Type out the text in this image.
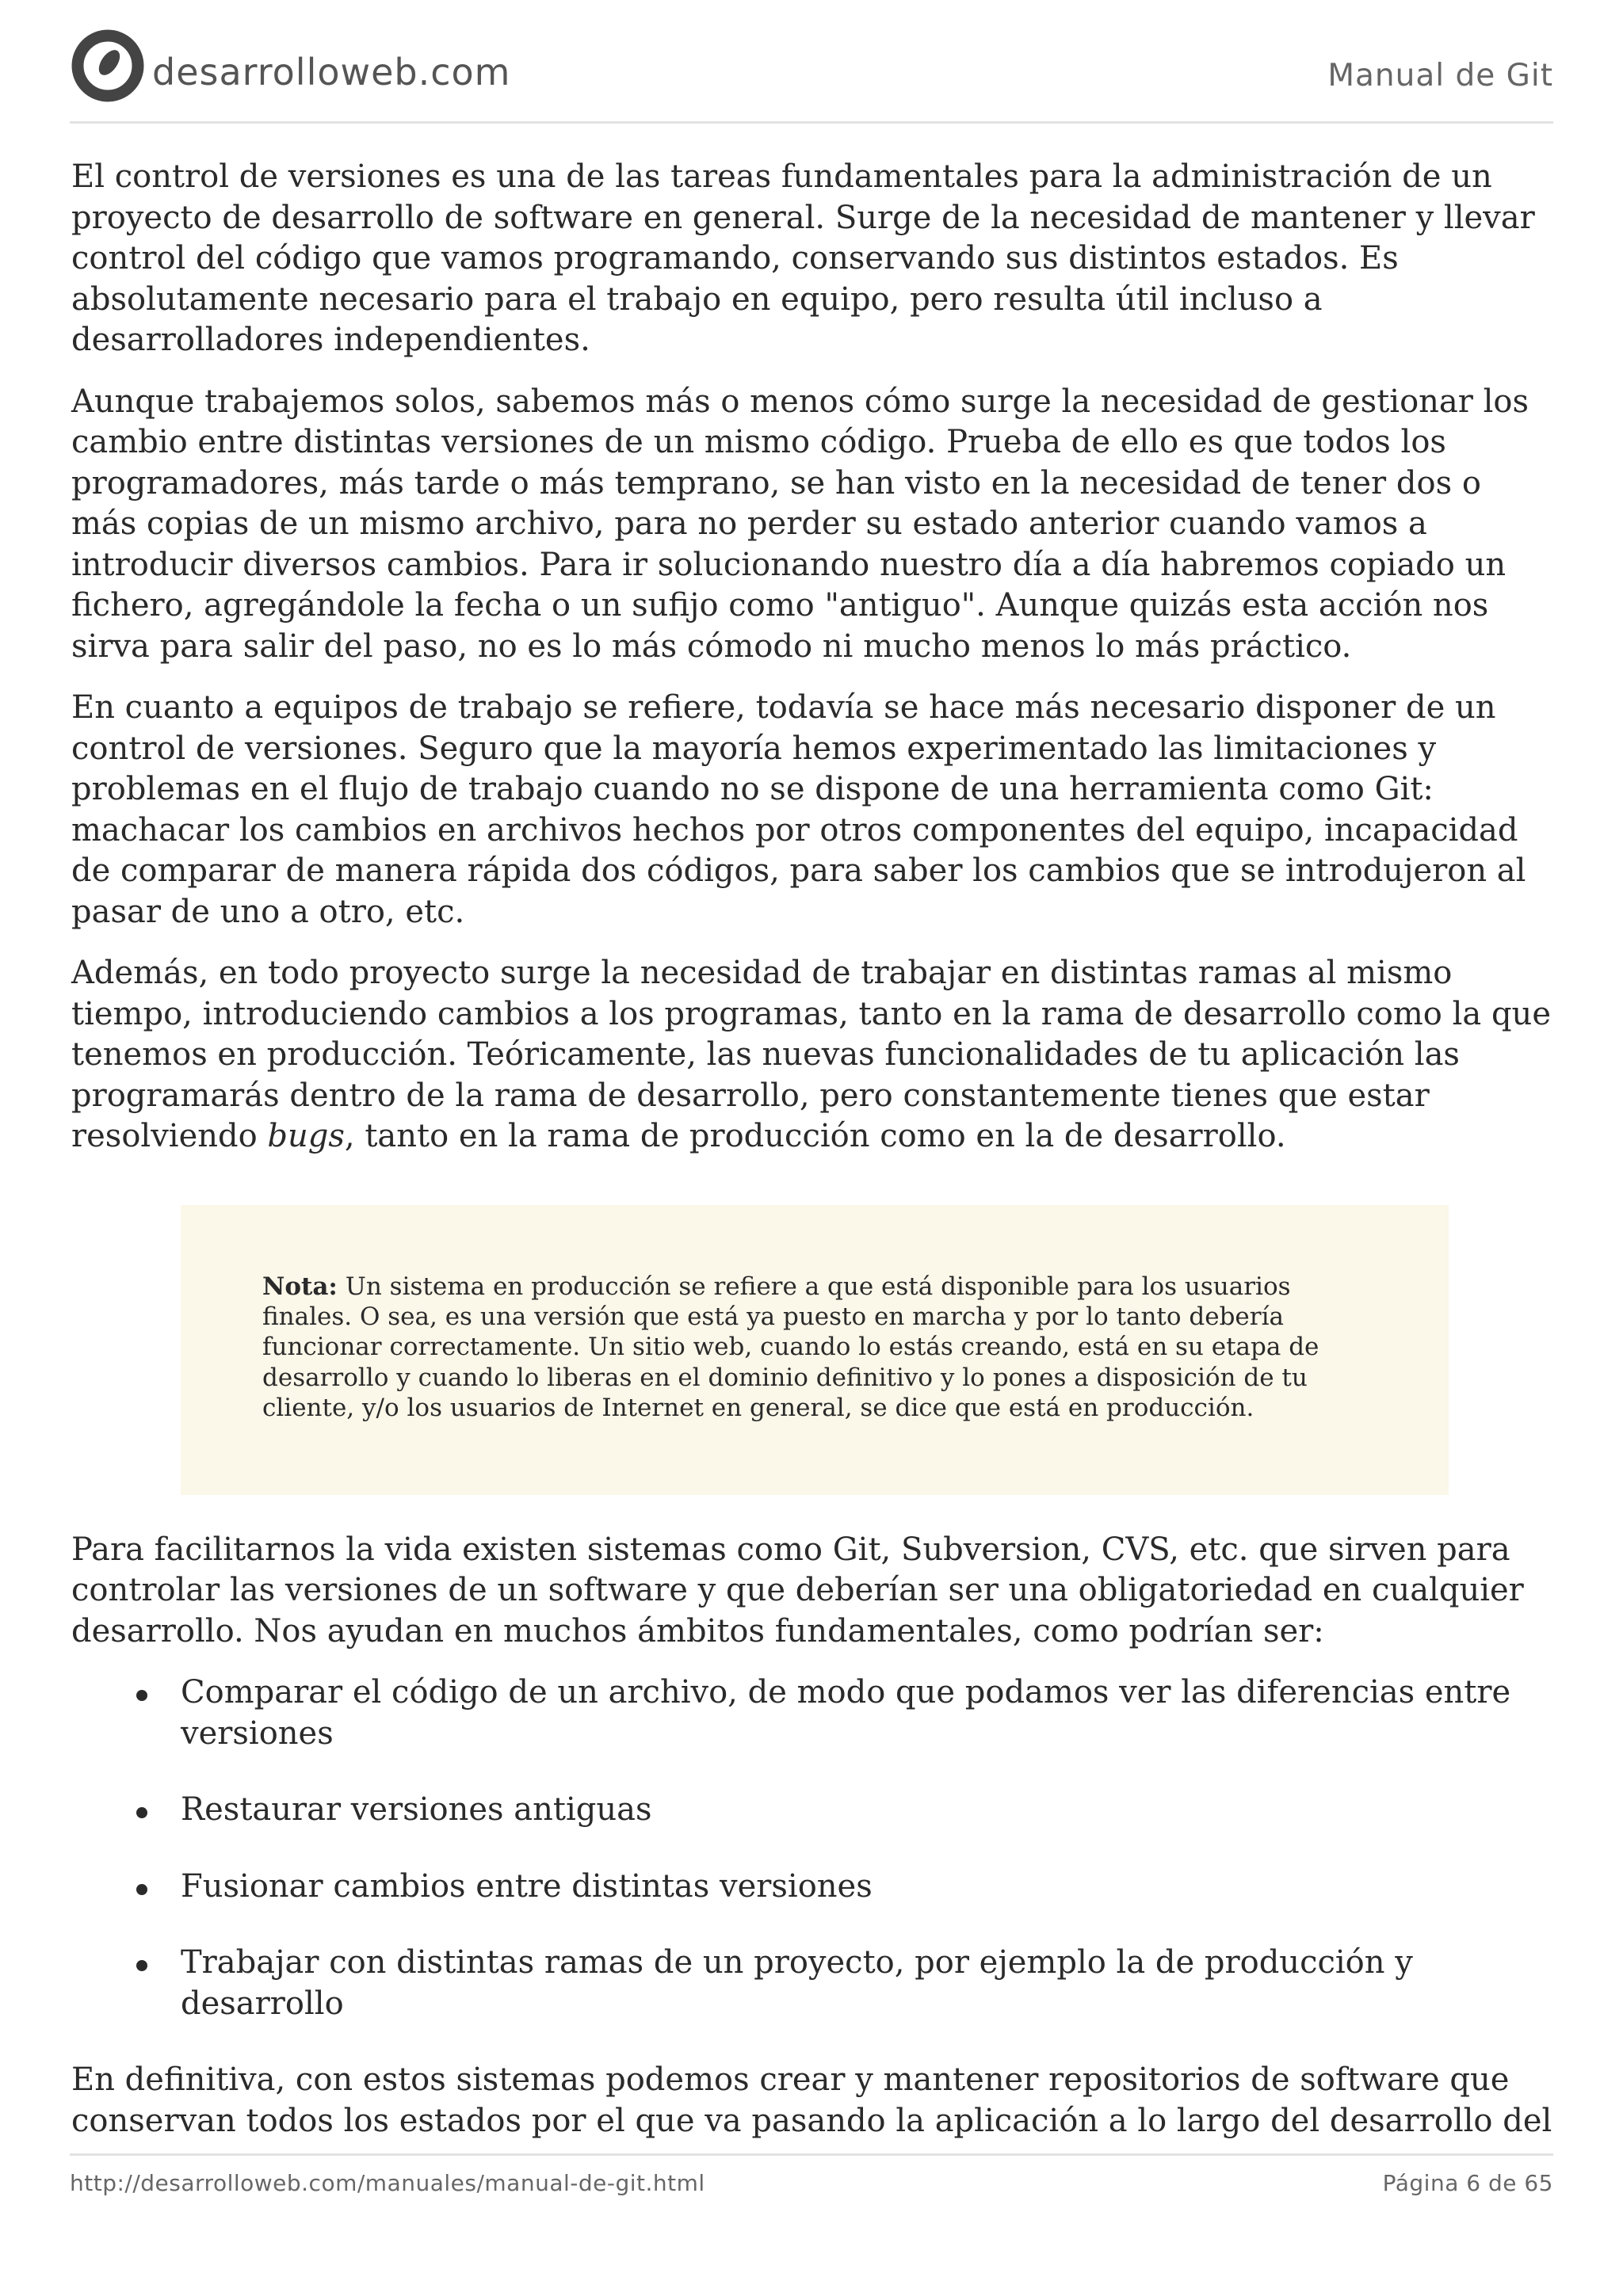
desarrolloweb.com	Manual de Git

El control de versiones es una de las tareas fundamentales para la administración de un proyecto de desarrollo de software en general. Surge de la necesidad de mantener y llevar control del código que vamos programando, conservando sus distintos estados. Es absolutamente necesario para el trabajo en equipo, pero resulta útil incluso a desarrolladores independientes.

Aunque trabajemos solos, sabemos más o menos cómo surge la necesidad de gestionar los cambio entre distintas versiones de un mismo código. Prueba de ello es que todos los programadores, más tarde o más temprano, se han visto en la necesidad de tener dos o más copias de un mismo archivo, para no perder su estado anterior cuando vamos a introducir diversos cambios. Para ir solucionando nuestro día a día habremos copiado un fichero, agregándole la fecha o un sufijo como "antiguo". Aunque quizás esta acción nos sirva para salir del paso, no es lo más cómodo ni mucho menos lo más práctico.

En cuanto a equipos de trabajo se refiere, todavía se hace más necesario disponer de un control de versiones. Seguro que la mayoría hemos experimentado las limitaciones y problemas en el flujo de trabajo cuando no se dispone de una herramienta como Git: machacar los cambios en archivos hechos por otros componentes del equipo, incapacidad de comparar de manera rápida dos códigos, para saber los cambios que se introdujeron al pasar de uno a otro, etc.

Además, en todo proyecto surge la necesidad de trabajar en distintas ramas al mismo tiempo, introduciendo cambios a los programas, tanto en la rama de desarrollo como la que tenemos en producción. Teóricamente, las nuevas funcionalidades de tu aplicación las programarás dentro de la rama de desarrollo, pero constantemente tienes que estar resolviendo bugs, tanto en la rama de producción como en la de desarrollo.

Nota: Un sistema en producción se refiere a que está disponible para los usuarios finales. O sea, es una versión que está ya puesto en marcha y por lo tanto debería funcionar correctamente. Un sitio web, cuando lo estás creando, está en su etapa de desarrollo y cuando lo liberas en el dominio definitivo y lo pones a disposición de tu cliente, y/o los usuarios de Internet en general, se dice que está en producción.

Para facilitarnos la vida existen sistemas como Git, Subversion, CVS, etc. que sirven para controlar las versiones de un software y que deberían ser una obligatoriedad en cualquier desarrollo. Nos ayudan en muchos ámbitos fundamentales, como podrían ser:

Comparar el código de un archivo, de modo que podamos ver las diferencias entre versiones
Restaurar versiones antiguas
Fusionar cambios entre distintas versiones
Trabajar con distintas ramas de un proyecto, por ejemplo la de producción y desarrollo

En definitiva, con estos sistemas podemos crear y mantener repositorios de software que conservan todos los estados por el que va pasando la aplicación a lo largo del desarrollo del

http://desarrolloweb.com/manuales/manual-de-git.html	Página 6 de 65
